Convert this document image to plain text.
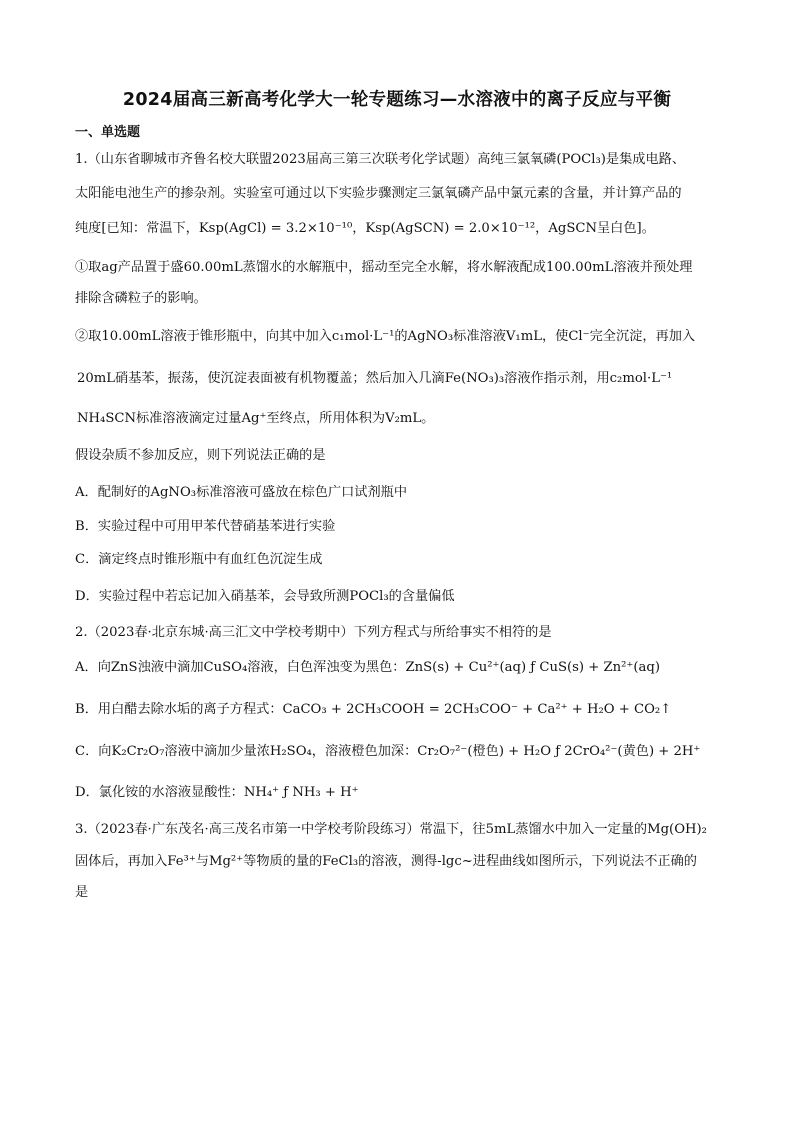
2024届高三新高考化学大一轮专题练习—水溶液中的离子反应与平衡
一、单选题
1.（山东省聊城市齐鲁名校大联盟2023届高三第三次联考化学试题）高纯三氯氧磷(POCl₃)是集成电路、
太阳能电池生产的掺杂剂。实验室可通过以下实验步骤测定三氯氧磷产品中氯元素的含量，并计算产品的
纯度[已知：常温下，Ksp(AgCl) = 3.2×10⁻¹⁰，Ksp(AgSCN) = 2.0×10⁻¹²，AgSCN呈白色]。
①取ag产品置于盛60.00mL蒸馏水的水解瓶中，摇动至完全水解，将水解液配成100.00mL溶液并预处理
排除含磷粒子的影响。
②取10.00mL溶液于锥形瓶中，向其中加入c₁mol·L⁻¹的AgNO₃标准溶液V₁mL，使Cl⁻完全沉淀，再加入
20mL硝基苯，振荡，使沉淀表面被有机物覆盖；然后加入几滴Fe(NO₃)₃溶液作指示剂，用c₂mol·L⁻¹
NH₄SCN标准溶液滴定过量Ag⁺至终点，所用体积为V₂mL。
假设杂质不参加反应，则下列说法正确的是
A．配制好的AgNO₃标准溶液可盛放在棕色广口试剂瓶中
B．实验过程中可用甲苯代替硝基苯进行实验
C．滴定终点时锥形瓶中有血红色沉淀生成
D．实验过程中若忘记加入硝基苯，会导致所测POCl₃的含量偏低
2.（2023春·北京东城·高三汇文中学校考期中）下列方程式与所给事实不相符的是
A．向ZnS浊液中滴加CuSO₄溶液，白色浑浊变为黑色：ZnS(s) + Cu²⁺(aq) ƒ CuS(s) + Zn²⁺(aq)
B．用白醋去除水垢的离子方程式：CaCO₃ + 2CH₃COOH = 2CH₃COO⁻ + Ca²⁺ + H₂O + CO₂↑
C．向K₂Cr₂O₇溶液中滴加少量浓H₂SO₄，溶液橙色加深：Cr₂O₇²⁻(橙色) + H₂O ƒ 2CrO₄²⁻(黄色) + 2H⁺
D．氯化铵的水溶液显酸性：NH₄⁺ ƒ NH₃ + H⁺
3.（2023春·广东茂名·高三茂名市第一中学校考阶段练习）常温下，往5mL蒸馏水中加入一定量的Mg(OH)₂
固体后，再加入Fe³⁺与Mg²⁺等物质的量的FeCl₃的溶液，测得-lgc~进程曲线如图所示，下列说法不正确的
是
